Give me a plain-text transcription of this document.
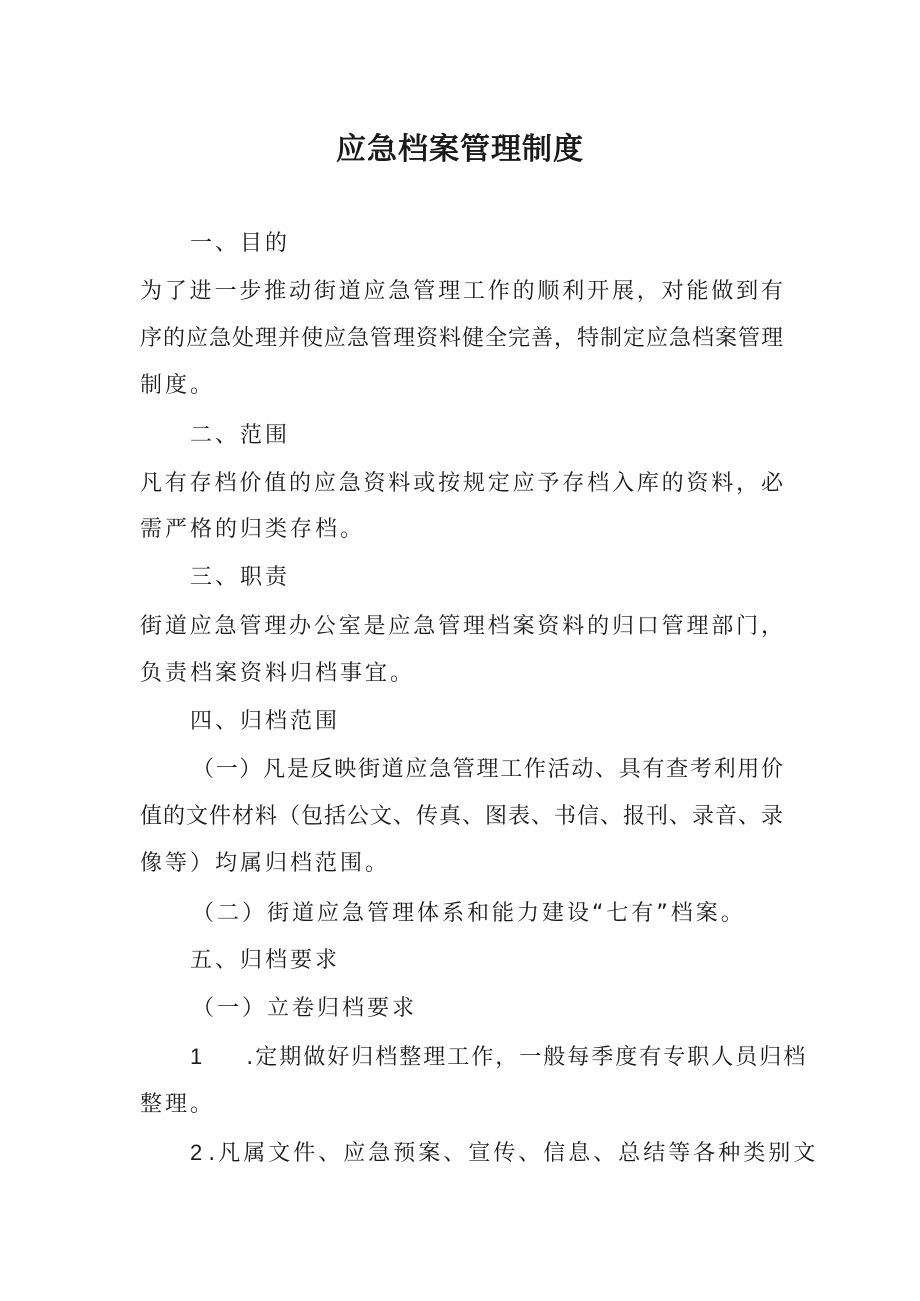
应急档案管理制度
一、目的
为了进一步推动街道应急管理工作的顺利开展，对能做到有
序的应急处理并使应急管理资料健全完善，特制定应急档案管理
制度。
二、范围
凡有存档价值的应急资料或按规定应予存档入库的资料，必
需严格的归类存档。
三、职责
街道应急管理办公室是应急管理档案资料的归口管理部门，
负责档案资料归档事宜。
四、归档范围
（一）凡是反映街道应急管理工作活动、具有查考利用价
值的文件材料（包括公文、传真、图表、书信、报刊、录音、录
像等）均属归档范围。
（二）街道应急管理体系和能力建设“七有”档案。
五、归档要求
（一）立卷归档要求
1 .定期做好归档整理工作，一般每季度有专职人员归档
整理。
2 .凡属文件、应急预案、宣传、信息、总结等各种类别文
